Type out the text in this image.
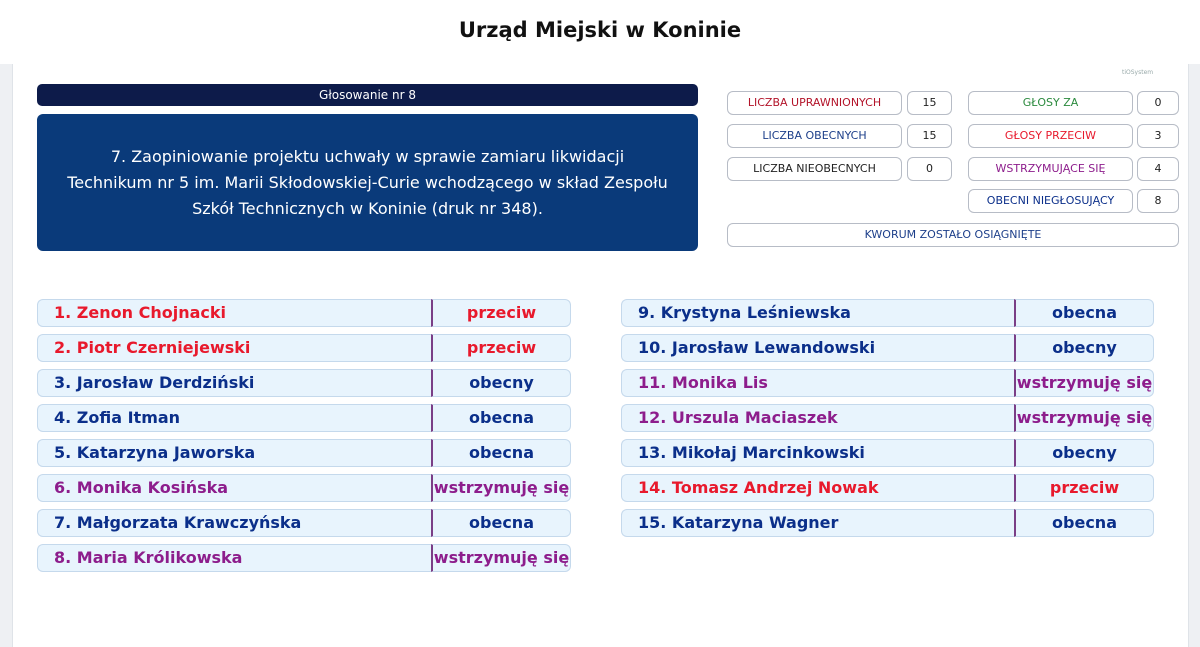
Urząd Miejski w Koninie
tiOSystem
Głosowanie nr 8
7. Zaopiniowanie projektu uchwały w sprawie zamiaru likwidacji Technikum nr 5 im. Marii Skłodowskiej-Curie wchodzącego w skład Zespołu Szkół Technicznych w Koninie (druk nr 348).
LICZBA UPRAWNIONYCH	15
LICZBA OBECNYCH	15
LICZBA NIEOBECNYCH	0
GŁOSY ZA	0
GŁOSY PRZECIW	3
WSTRZYMUJĄCE SIĘ	4
OBECNI NIEGŁOSUJĄCY	8
KWORUM ZOSTAŁO OSIĄGNIĘTE
1. Zenon Chojnacki	przeciw
2. Piotr Czerniejewski	przeciw
3. Jarosław Derdziński	obecny
4. Zofia Itman	obecna
5. Katarzyna Jaworska	obecna
6. Monika Kosińska	wstrzymuję się
7. Małgorzata Krawczyńska	obecna
8. Maria Królikowska	wstrzymuję się
9. Krystyna Leśniewska	obecna
10. Jarosław Lewandowski	obecny
11. Monika Lis	wstrzymuję się
12. Urszula Maciaszek	wstrzymuję się
13. Mikołaj Marcinkowski	obecny
14. Tomasz Andrzej Nowak	przeciw
15. Katarzyna Wagner	obecna
